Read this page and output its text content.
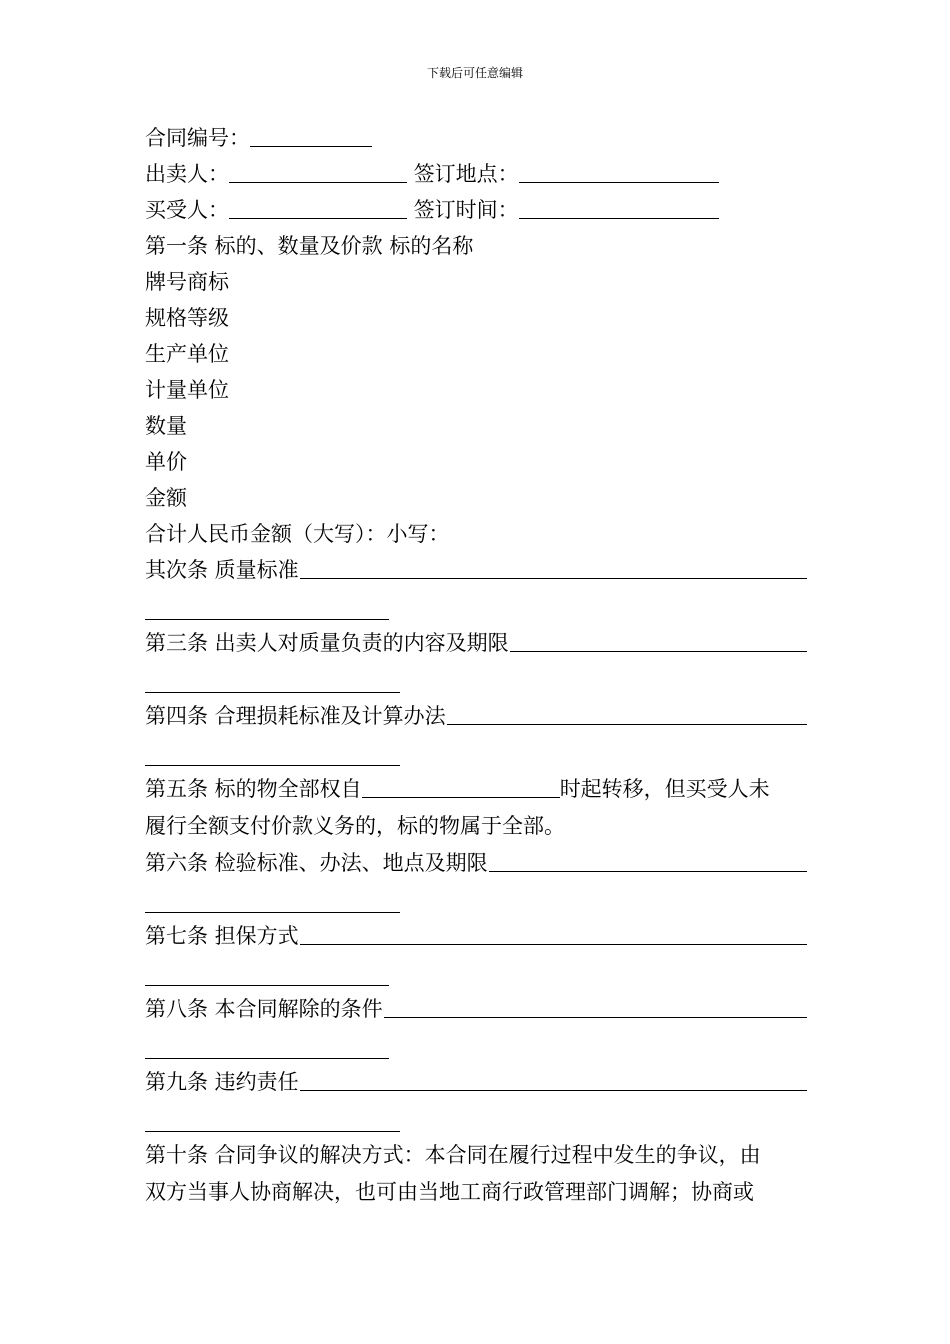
下载后可任意编辑
合同编号：
出卖人：	签订地点：
买受人：	签订时间：
第一条 标的、数量及价款 标的名称
牌号商标
规格等级
生产单位
计量单位
数量
单价
金额
合计人民币金额（大写）：小写：
其次条 质量标准
第三条 出卖人对质量负责的内容及期限
第四条 合理损耗标准及计算办法
第五条 标的物全部权自	时起转移，但买受人未
履行全额支付价款义务的，标的物属于全部。
第六条 检验标准、办法、地点及期限
第七条 担保方式
第八条 本合同解除的条件
第九条 违约责任
第十条 合同争议的解决方式：本合同在履行过程中发生的争议，由
双方当事人协商解决，也可由当地工商行政管理部门调解；协商或
